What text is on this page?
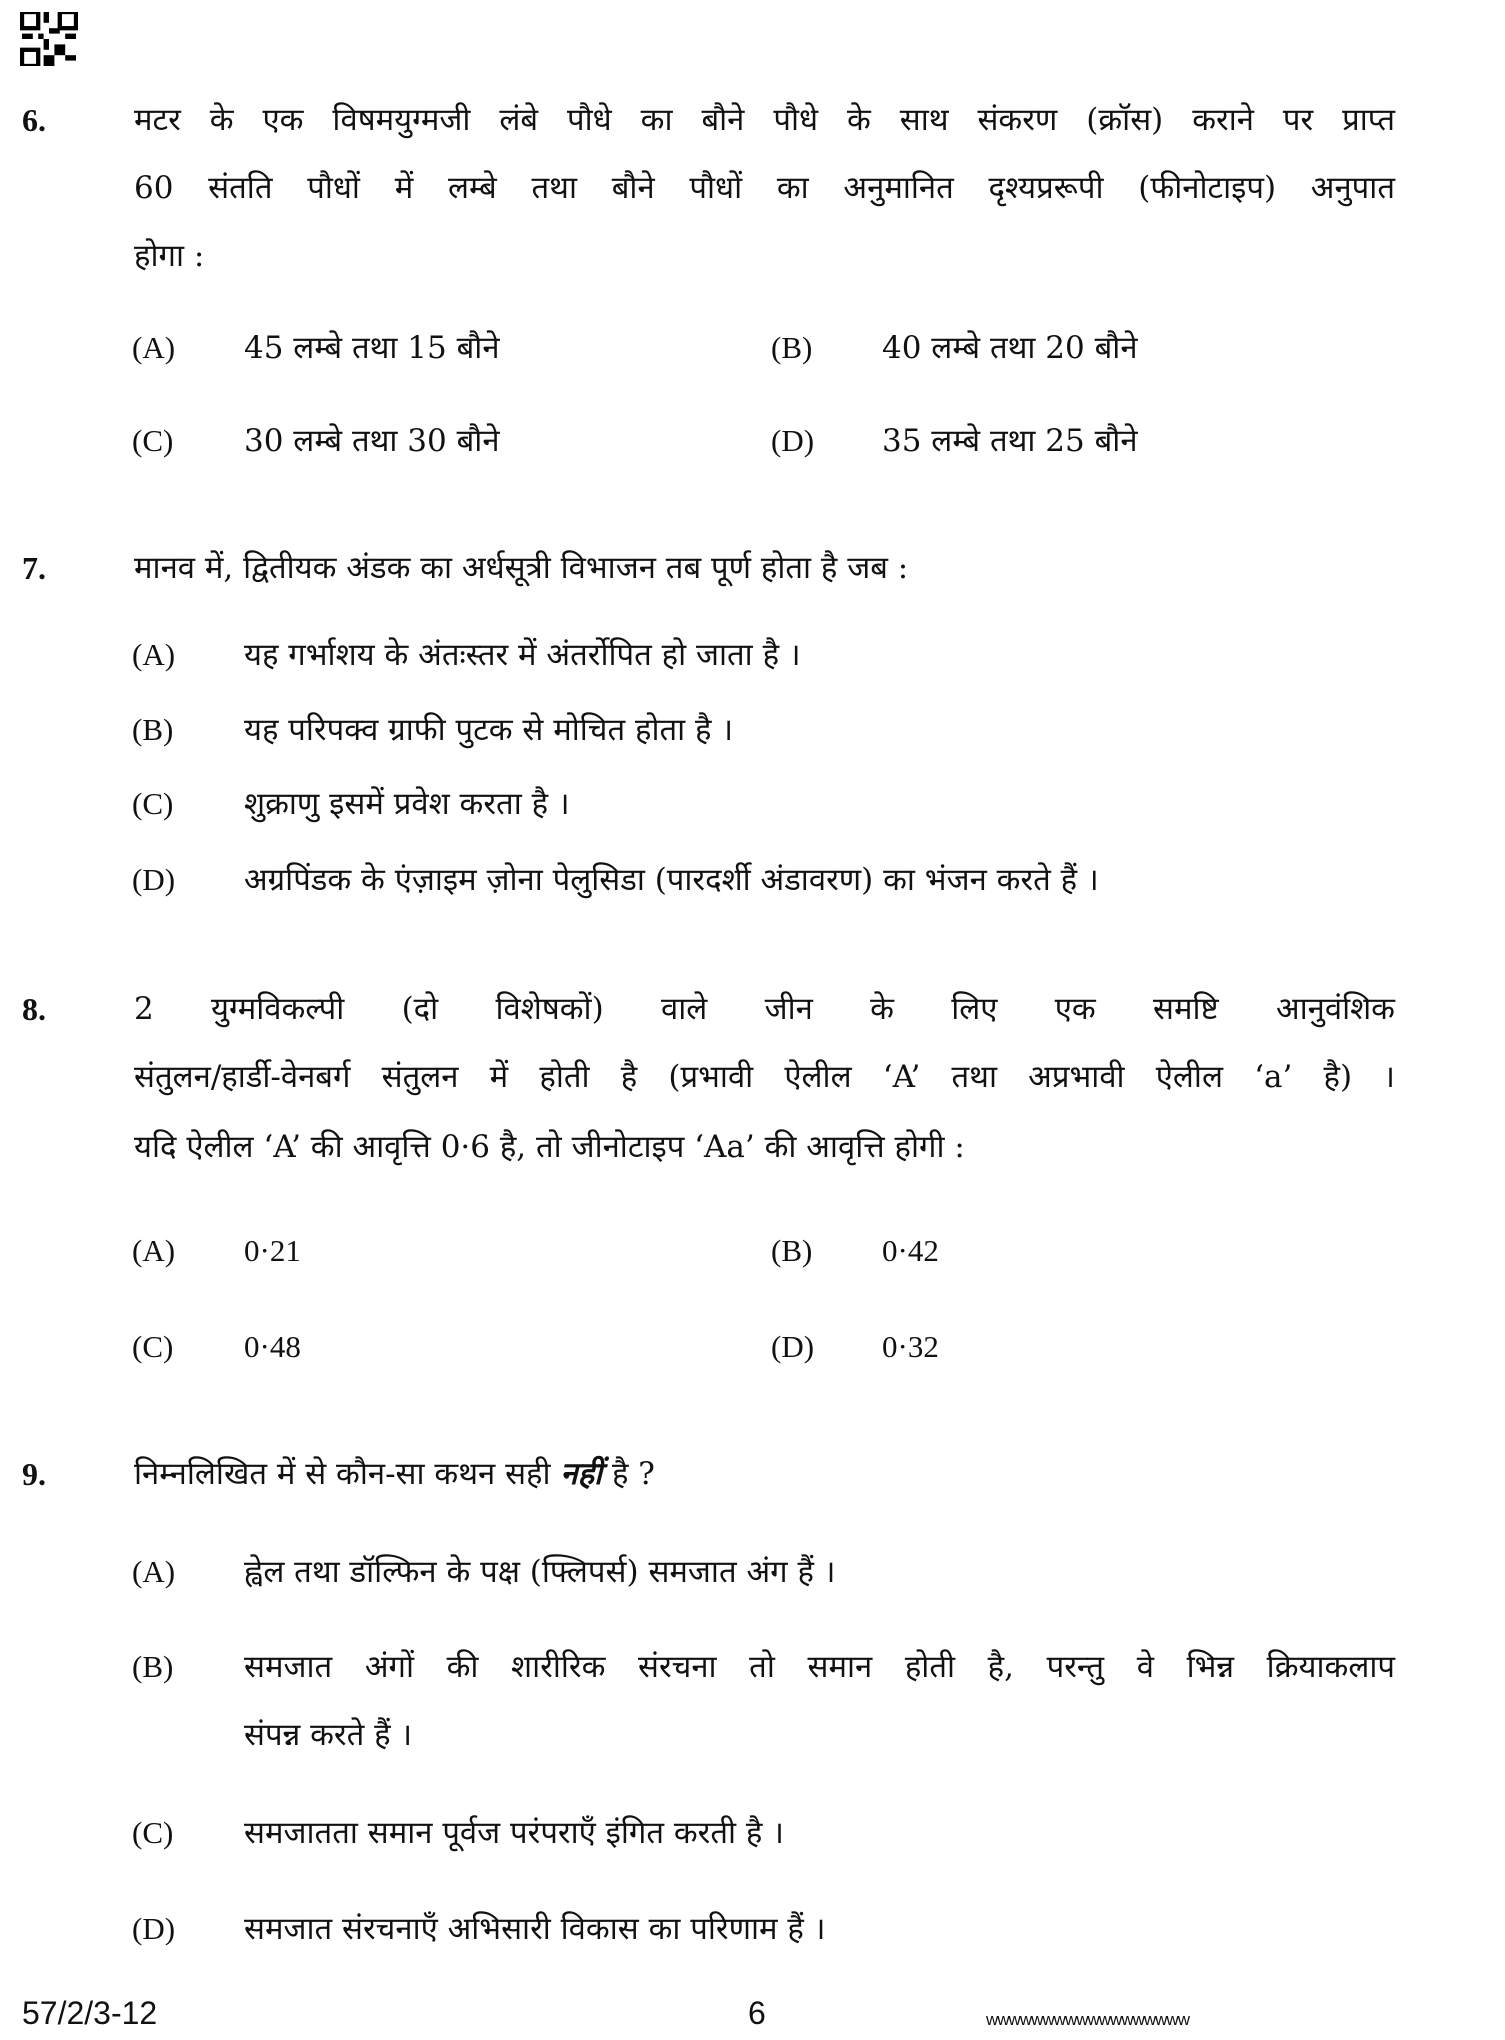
6.	मटर के एक विषमयुग्मजी लंबे पौधे का बौने पौधे के साथ संकरण (क्रॉस) कराने पर प्राप्त
60 संतति पौधों में लम्बे तथा बौने पौधों का अनुमानित दृश्यप्ररूपी (फीनोटाइप) अनुपात
होगा :
(A) 45 लम्बे तथा 15 बौने	(B) 40 लम्बे तथा 20 बौने
(C) 30 लम्बे तथा 30 बौने	(D) 35 लम्बे तथा 25 बौने
7.	मानव में, द्वितीयक अंडक का अर्धसूत्री विभाजन तब पूर्ण होता है जब :
(A) यह गर्भाशय के अंतःस्तर में अंतर्रोपित हो जाता है ।
(B) यह परिपक्व ग्राफी पुटक से मोचित होता है ।
(C) शुक्राणु इसमें प्रवेश करता है ।
(D) अग्रपिंडक के एंज़ाइम ज़ोना पेलुसिडा (पारदर्शी अंडावरण) का भंजन करते हैं ।
8.	2 युग्मविकल्पी (दो विशेषकों) वाले जीन के लिए एक समष्टि आनुवंशिक
संतुलन/हार्डी-वेनबर्ग संतुलन में होती है (प्रभावी ऐलील ‘A’ तथा अप्रभावी ऐलील ‘a’ है) ।
यदि ऐलील ‘A’ की आवृत्ति 0·6 है, तो जीनोटाइप ‘Aa’ की आवृत्ति होगी :
(A) 0·21	(B) 0·42
(C) 0·48	(D) 0·32
9.	निम्नलिखित में से कौन-सा कथन सही नहीं है ?
(A) ह्वेल तथा डॉल्फिन के पक्ष (फ्लिपर्स) समजात अंग हैं ।
(B) समजात अंगों की शारीरिक संरचना तो समान होती है, परन्तु वे भिन्न क्रियाकलाप
संपन्न करते हैं ।
(C) समजातता समान पूर्वज परंपराएँ इंगित करती है ।
(D) समजात संरचनाएँ अभिसारी विकास का परिणाम हैं ।
57/2/3-12	6	wwwwwwwwwwwwwwwwww
